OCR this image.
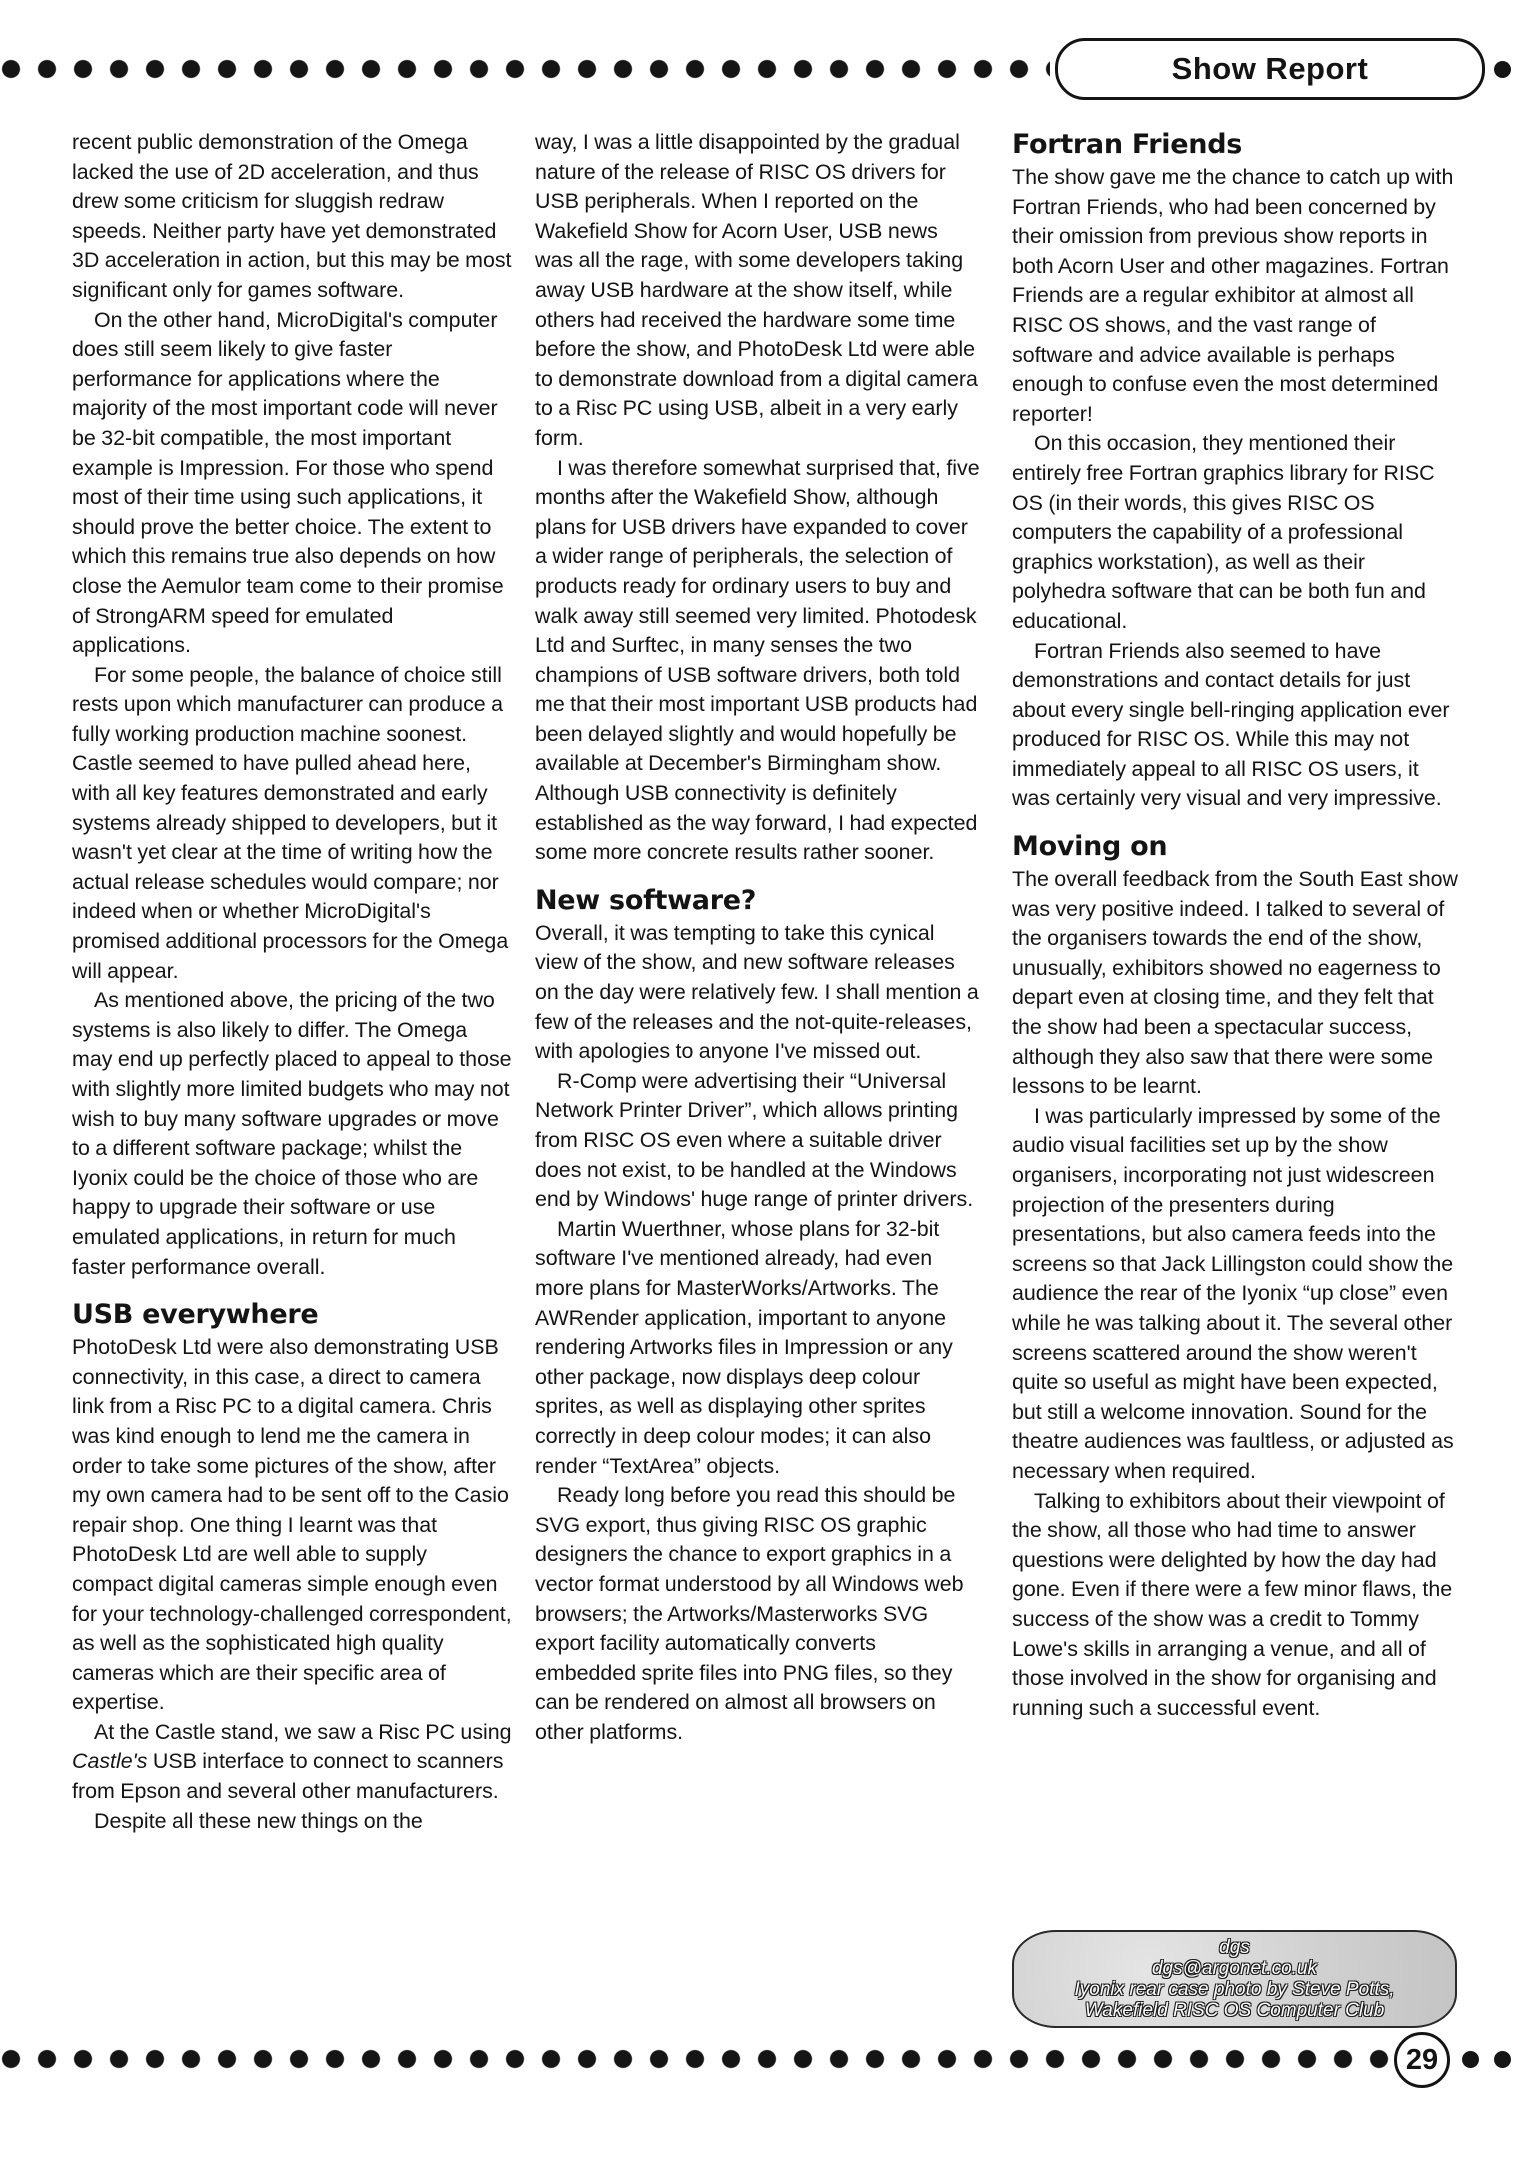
Show Report

recent public demonstration of the Omega lacked the use of 2D acceleration, and thus drew some criticism for sluggish redraw speeds. Neither party have yet demonstrated 3D acceleration in action, but this may be most significant only for games software.

On the other hand, MicroDigital's computer does still seem likely to give faster performance for applications where the majority of the most important code will never be 32-bit compatible, the most important example is Impression. For those who spend most of their time using such applications, it should prove the better choice. The extent to which this remains true also depends on how close the Aemulor team come to their promise of StrongARM speed for emulated applications.

For some people, the balance of choice still rests upon which manufacturer can produce a fully working production machine soonest. Castle seemed to have pulled ahead here, with all key features demonstrated and early systems already shipped to developers, but it wasn't yet clear at the time of writing how the actual release schedules would compare; nor indeed when or whether MicroDigital's promised additional processors for the Omega will appear.

As mentioned above, the pricing of the two systems is also likely to differ. The Omega may end up perfectly placed to appeal to those with slightly more limited budgets who may not wish to buy many software upgrades or move to a different software package; whilst the Iyonix could be the choice of those who are happy to upgrade their software or use emulated applications, in return for much faster performance overall.

USB everywhere

PhotoDesk Ltd were also demonstrating USB connectivity, in this case, a direct to camera link from a Risc PC to a digital camera. Chris was kind enough to lend me the camera in order to take some pictures of the show, after my own camera had to be sent off to the Casio repair shop. One thing I learnt was that PhotoDesk Ltd are well able to supply compact digital cameras simple enough even for your technology-challenged correspondent, as well as the sophisticated high quality cameras which are their specific area of expertise.

At the Castle stand, we saw a Risc PC using Castle's USB interface to connect to scanners from Epson and several other manufacturers.

Despite all these new things on the

way, I was a little disappointed by the gradual nature of the release of RISC OS drivers for USB peripherals. When I reported on the Wakefield Show for Acorn User, USB news was all the rage, with some developers taking away USB hardware at the show itself, while others had received the hardware some time before the show, and PhotoDesk Ltd were able to demonstrate download from a digital camera to a Risc PC using USB, albeit in a very early form.

I was therefore somewhat surprised that, five months after the Wakefield Show, although plans for USB drivers have expanded to cover a wider range of peripherals, the selection of products ready for ordinary users to buy and walk away still seemed very limited. Photodesk Ltd and Surftec, in many senses the two champions of USB software drivers, both told me that their most important USB products had been delayed slightly and would hopefully be available at December's Birmingham show. Although USB connectivity is definitely established as the way forward, I had expected some more concrete results rather sooner.

New software?

Overall, it was tempting to take this cynical view of the show, and new software releases on the day were relatively few. I shall mention a few of the releases and the not-quite-releases, with apologies to anyone I've missed out.

R-Comp were advertising their “Universal Network Printer Driver”, which allows printing from RISC OS even where a suitable driver does not exist, to be handled at the Windows end by Windows' huge range of printer drivers.

Martin Wuerthner, whose plans for 32-bit software I've mentioned already, had even more plans for MasterWorks/Artworks. The AWRender application, important to anyone rendering Artworks files in Impression or any other package, now displays deep colour sprites, as well as displaying other sprites correctly in deep colour modes; it can also render “TextArea” objects.

Ready long before you read this should be SVG export, thus giving RISC OS graphic designers the chance to export graphics in a vector format understood by all Windows web browsers; the Artworks/Masterworks SVG export facility automatically converts embedded sprite files into PNG files, so they can be rendered on almost all browsers on other platforms.

Fortran Friends

The show gave me the chance to catch up with Fortran Friends, who had been concerned by their omission from previous show reports in both Acorn User and other magazines. Fortran Friends are a regular exhibitor at almost all RISC OS shows, and the vast range of software and advice available is perhaps enough to confuse even the most determined reporter!

On this occasion, they mentioned their entirely free Fortran graphics library for RISC OS (in their words, this gives RISC OS computers the capability of a professional graphics workstation), as well as their polyhedra software that can be both fun and educational.

Fortran Friends also seemed to have demonstrations and contact details for just about every single bell-ringing application ever produced for RISC OS. While this may not immediately appeal to all RISC OS users, it was certainly very visual and very impressive.

Moving on

The overall feedback from the South East show was very positive indeed. I talked to several of the organisers towards the end of the show, unusually, exhibitors showed no eagerness to depart even at closing time, and they felt that the show had been a spectacular success, although they also saw that there were some lessons to be learnt.

I was particularly impressed by some of the audio visual facilities set up by the show organisers, incorporating not just widescreen projection of the presenters during presentations, but also camera feeds into the screens so that Jack Lillingston could show the audience the rear of the Iyonix “up close” even while he was talking about it. The several other screens scattered around the show weren't quite so useful as might have been expected, but still a welcome innovation. Sound for the theatre audiences was faultless, or adjusted as necessary when required.

Talking to exhibitors about their viewpoint of the show, all those who had time to answer questions were delighted by how the day had gone. Even if there were a few minor flaws, the success of the show was a credit to Tommy Lowe's skills in arranging a venue, and all of those involved in the show for organising and running such a successful event.

dgs
dgs@argonet.co.uk
Iyonix rear case photo by Steve Potts,
Wakefield RISC OS Computer Club
29
